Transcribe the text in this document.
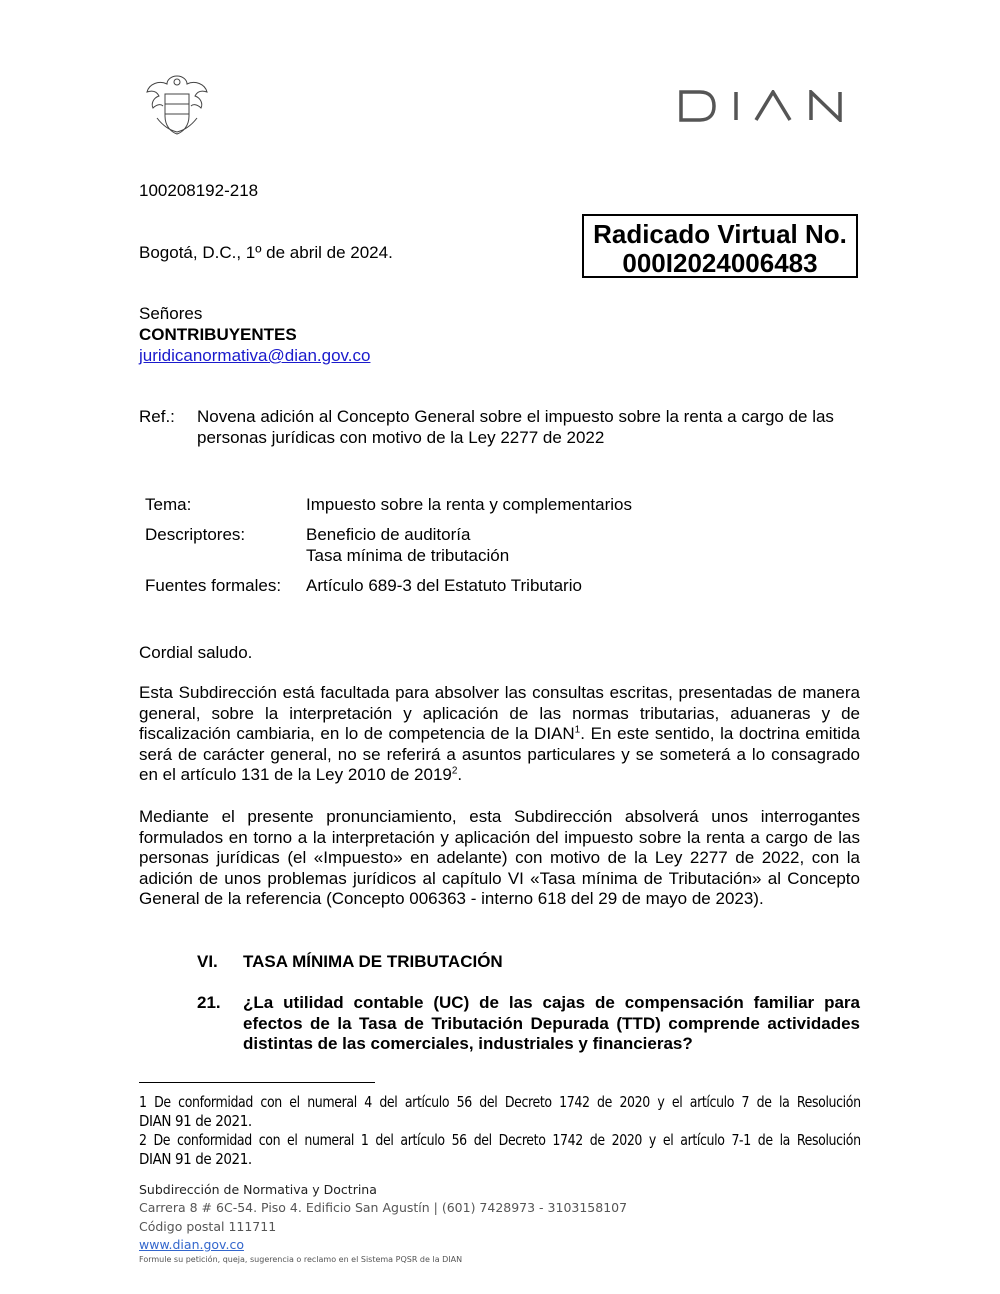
DIAN
100208192-218
Bogotá, D.C., 1º de abril de 2024.
Radicado Virtual No.
000I2024006483
Señores
CONTRIBUYENTES
juridicanormativa@dian.gov.co
Ref.: Novena adición al Concepto General sobre el impuesto sobre la renta a cargo de las
personas jurídicas con motivo de la Ley 2277 de 2022
Tema:	Impuesto sobre la renta y complementarios
Descriptores:	Beneficio de auditoría
Tasa mínima de tributación
Fuentes formales: Artículo 689-3 del Estatuto Tributario
Cordial saludo.
Esta Subdirección está facultada para absolver las consultas escritas, presentadas de manera general, sobre la interpretación y aplicación de las normas tributarias, aduaneras y de fiscalización cambiaria, en lo de competencia de la DIAN$^1$. En este sentido, la doctrina emitida será de carácter general, no se referirá a asuntos particulares y se someterá a lo consagrado en el artículo 131 de la Ley 2010 de 2019$^2$.
Mediante el presente pronunciamiento, esta Subdirección absolverá unos interrogantes formulados en torno a la interpretación y aplicación del impuesto sobre la renta a cargo de las personas jurídicas (el «Impuesto» en adelante) con motivo de la Ley 2277 de 2022, con la adición de unos problemas jurídicos al capítulo VI «Tasa mínima de Tributación» al Concepto General de la referencia (Concepto 006363 - interno 618 del 29 de mayo de 2023).
VI. TASA MÍNIMA DE TRIBUTACIÓN
21. ¿La utilidad contable (UC) de las cajas de compensación familiar para
efectos de la Tasa de Tributación Depurada (TTD) comprende actividades
distintas de las comerciales, industriales y financieras?
1 De conformidad con el numeral 4 del artículo 56 del Decreto 1742 de 2020 y el artículo 7 de la Resolución
DIAN 91 de 2021.
2 De conformidad con el numeral 1 del artículo 56 del Decreto 1742 de 2020 y el artículo 7-1 de la Resolución
DIAN 91 de 2021.
Subdirección de Normativa y Doctrina
Carrera 8 # 6C-54. Piso 4. Edificio San Agustín | (601) 7428973 - 3103158107
Código postal 111711
www.dian.gov.co
Formule su petición, queja, sugerencia o reclamo en el Sistema PQSR de la DIAN
